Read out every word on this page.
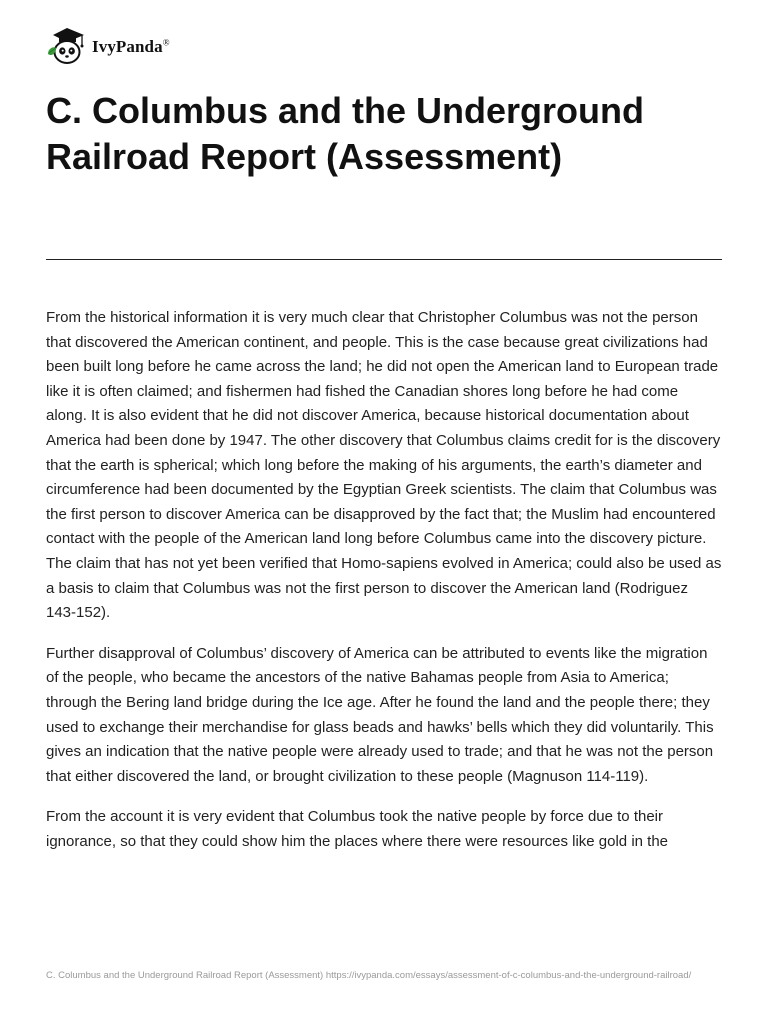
IvyPanda®
C. Columbus and the Underground Railroad Report (Assessment)

From the historical information it is very much clear that Christopher Columbus was not the person that discovered the American continent, and people. This is the case because great civilizations had been built long before he came across the land; he did not open the American land to European trade like it is often claimed; and fishermen had fished the Canadian shores long before he had come along. It is also evident that he did not discover America, because historical documentation about America had been done by 1947. The other discovery that Columbus claims credit for is the discovery that the earth is spherical; which long before the making of his arguments, the earth’s diameter and circumference had been documented by the Egyptian Greek scientists. The claim that Columbus was the first person to discover America can be disapproved by the fact that; the Muslim had encountered contact with the people of the American land long before Columbus came into the discovery picture. The claim that has not yet been verified that Homo-sapiens evolved in America; could also be used as a basis to claim that Columbus was not the first person to discover the American land (Rodriguez 143-152).

Further disapproval of Columbus’ discovery of America can be attributed to events like the migration of the people, who became the ancestors of the native Bahamas people from Asia to America; through the Bering land bridge during the Ice age. After he found the land and the people there; they used to exchange their merchandise for glass beads and hawks’ bells which they did voluntarily. This gives an indication that the native people were already used to trade; and that he was not the person that either discovered the land, or brought civilization to these people (Magnuson 114-119).

From the account it is very evident that Columbus took the native people by force due to their ignorance, so that they could show him the places where there were resources like gold in the

C. Columbus and the Underground Railroad Report (Assessment) https://ivypanda.com/essays/assessment-of-c-columbus-and-the-underground-railroad/
